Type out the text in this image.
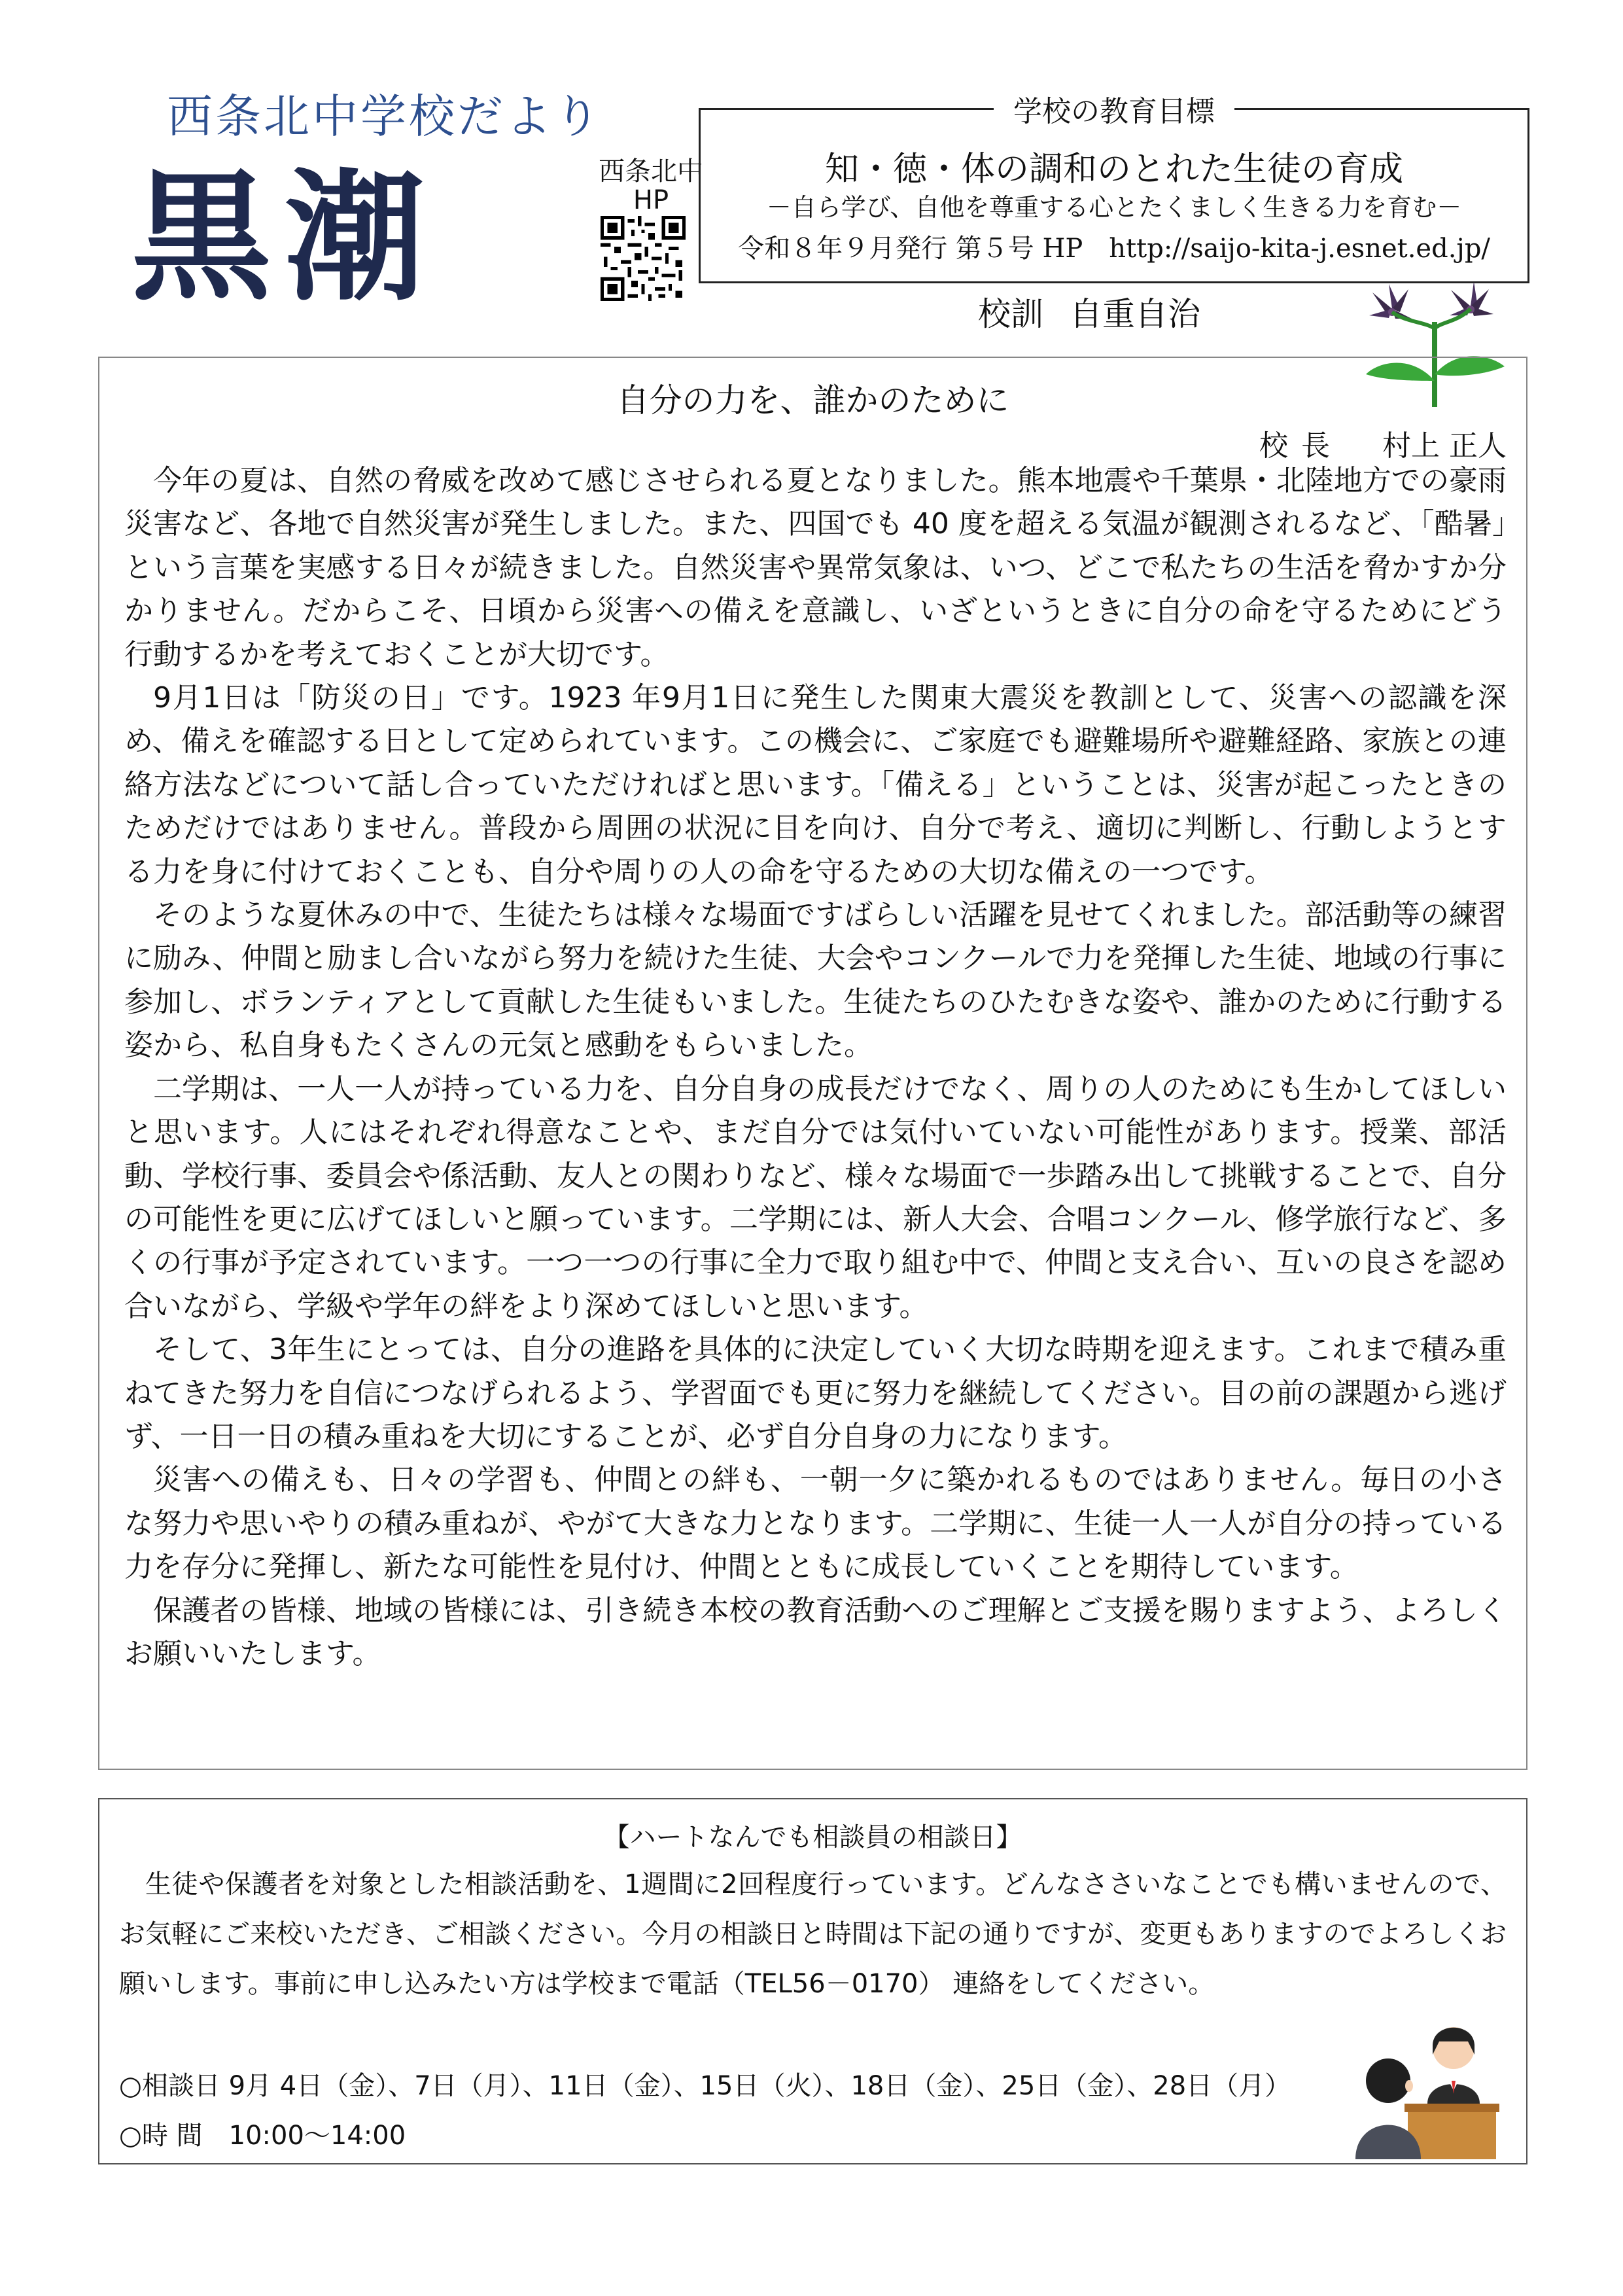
西条北中学校だより
黒潮	西条北中
HP
学校の教育目標
知・徳・体の調和のとれた生徒の育成
－自ら学び、自他を尊重する心とたくましく生きる力を育む－
令和８年９月発行 第５号 HP　http://saijo-kita-j.esnet.ed.jp/
校訓 自重自治
自分の力を、誰かのために
校長 村上 正人

今年の夏は、自然の脅威を改めて感じさせられる夏となりました。熊本地震や千葉県・北陸地方での豪雨災害など、各地で自然災害が発生しました。また、四国でも 40 度を超える気温が観測されるなど、「酷暑」という言葉を実感する日々が続きました。自然災害や異常気象は、いつ、どこで私たちの生活を脅かすか分かりません。だからこそ、日頃から災害への備えを意識し、いざというときに自分の命を守るためにどう行動するかを考えておくことが大切です。

9月1日は「防災の日」です。1923 年9月1日に発生した関東大震災を教訓として、災害への認識を深め、備えを確認する日として定められています。この機会に、ご家庭でも避難場所や避難経路、家族との連絡方法などについて話し合っていただければと思います。「備える」ということは、災害が起こったときのためだけではありません。普段から周囲の状況に目を向け、自分で考え、適切に判断し、行動しようとする力を身に付けておくことも、自分や周りの人の命を守るための大切な備えの一つです。

そのような夏休みの中で、生徒たちは様々な場面ですばらしい活躍を見せてくれました。部活動等の練習に励み、仲間と励まし合いながら努力を続けた生徒、大会やコンクールで力を発揮した生徒、地域の行事に参加し、ボランティアとして貢献した生徒もいました。生徒たちのひたむきな姿や、誰かのために行動する姿から、私自身もたくさんの元気と感動をもらいました。

二学期は、一人一人が持っている力を、自分自身の成長だけでなく、周りの人のためにも生かしてほしいと思います。人にはそれぞれ得意なことや、まだ自分では気付いていない可能性があります。授業、部活動、学校行事、委員会や係活動、友人との関わりなど、様々な場面で一歩踏み出して挑戦することで、自分の可能性を更に広げてほしいと願っています。二学期には、新人大会、合唱コンクール、修学旅行など、多くの行事が予定されています。一つ一つの行事に全力で取り組む中で、仲間と支え合い、互いの良さを認め合いながら、学級や学年の絆をより深めてほしいと思います。

そして、3年生にとっては、自分の進路を具体的に決定していく大切な時期を迎えます。これまで積み重ねてきた努力を自信につなげられるよう、学習面でも更に努力を継続してください。目の前の課題から逃げず、一日一日の積み重ねを大切にすることが、必ず自分自身の力になります。

災害への備えも、日々の学習も、仲間との絆も、一朝一夕に築かれるものではありません。毎日の小さな努力や思いやりの積み重ねが、やがて大きな力となります。二学期に、生徒一人一人が自分の持っている力を存分に発揮し、新たな可能性を見付け、仲間とともに成長していくことを期待しています。

保護者の皆様、地域の皆様には、引き続き本校の教育活動へのご理解とご支援を賜りますよう、よろしくお願いいたします。

【ハートなんでも相談員の相談日】

生徒や保護者を対象とした相談活動を、1週間に2回程度行っています。どんなささいなことでも構いませんので、お気軽にご来校いただき、ご相談ください。今月の相談日と時間は下記の通りですが、変更もありますのでよろしくお願いします。事前に申し込みたい方は学校まで電話（TEL56－0170） 連絡をしてください。

○相談日 9月 4日（金）、7日（月）、11日（金）、15日（火）、18日（金）、25日（金）、28日（月）
○時 間　10:00～14:00
